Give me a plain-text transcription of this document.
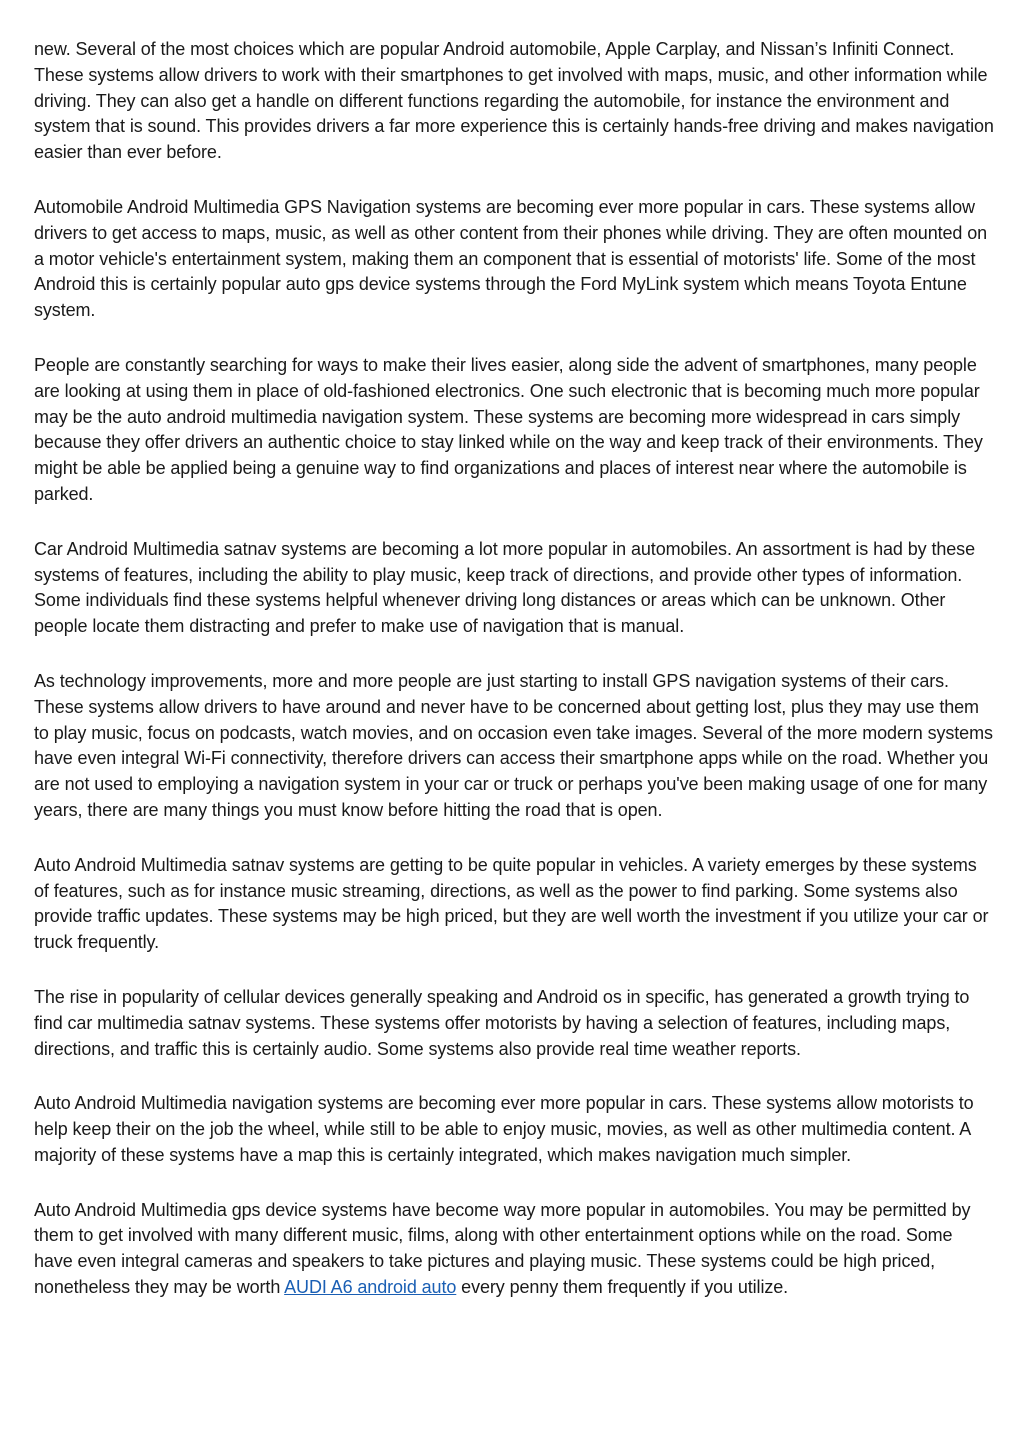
new. Several of the most choices which are popular Android automobile, Apple Carplay, and Nissan’s Infiniti Connect. These systems allow drivers to work with their smartphones to get involved with maps, music, and other information while driving. They can also get a handle on different functions regarding the automobile, for instance the environment and system that is sound. This provides drivers a far more experience this is certainly hands-free driving and makes navigation easier than ever before.

Automobile Android Multimedia GPS Navigation systems are becoming ever more popular in cars. These systems allow drivers to get access to maps, music, as well as other content from their phones while driving. They are often mounted on a motor vehicle's entertainment system, making them an component that is essential of motorists' life. Some of the most Android this is certainly popular auto gps device systems through the Ford MyLink system which means Toyota Entune system.

People are constantly searching for ways to make their lives easier, along side the advent of smartphones, many people are looking at using them in place of old-fashioned electronics. One such electronic that is becoming much more popular may be the auto android multimedia navigation system. These systems are becoming more widespread in cars simply because they offer drivers an authentic choice to stay linked while on the way and keep track of their environments. They might be able be applied being a genuine way to find organizations and places of interest near where the automobile is parked.

Car Android Multimedia satnav systems are becoming a lot more popular in automobiles. An assortment is had by these systems of features, including the ability to play music, keep track of directions, and provide other types of information. Some individuals find these systems helpful whenever driving long distances or areas which can be unknown. Other people locate them distracting and prefer to make use of navigation that is manual.

As technology improvements, more and more people are just starting to install GPS navigation systems of their cars. These systems allow drivers to have around and never have to be concerned about getting lost, plus they may use them to play music, focus on podcasts, watch movies, and on occasion even take images. Several of the more modern systems have even integral Wi-Fi connectivity, therefore drivers can access their smartphone apps while on the road. Whether you are not used to employing a navigation system in your car or truck or perhaps you've been making usage of one for many years, there are many things you must know before hitting the road that is open.

Auto Android Multimedia satnav systems are getting to be quite popular in vehicles. A variety emerges by these systems of features, such as for instance music streaming, directions, as well as the power to find parking. Some systems also provide traffic updates. These systems may be high priced, but they are well worth the investment if you utilize your car or truck frequently.

The rise in popularity of cellular devices generally speaking and Android os in specific, has generated a growth trying to find car multimedia satnav systems. These systems offer motorists by having a selection of features, including maps, directions, and traffic this is certainly audio. Some systems also provide real time weather reports.

Auto Android Multimedia navigation systems are becoming ever more popular in cars. These systems allow motorists to help keep their on the job the wheel, while still to be able to enjoy music, movies, as well as other multimedia content. A majority of these systems have a map this is certainly integrated, which makes navigation much simpler.

Auto Android Multimedia gps device systems have become way more popular in automobiles. You may be permitted by them to get involved with many different music, films, along with other entertainment options while on the road. Some have even integral cameras and speakers to take pictures and playing music. These systems could be high priced, nonetheless they may be worth AUDI A6 android auto every penny them frequently if you utilize.
